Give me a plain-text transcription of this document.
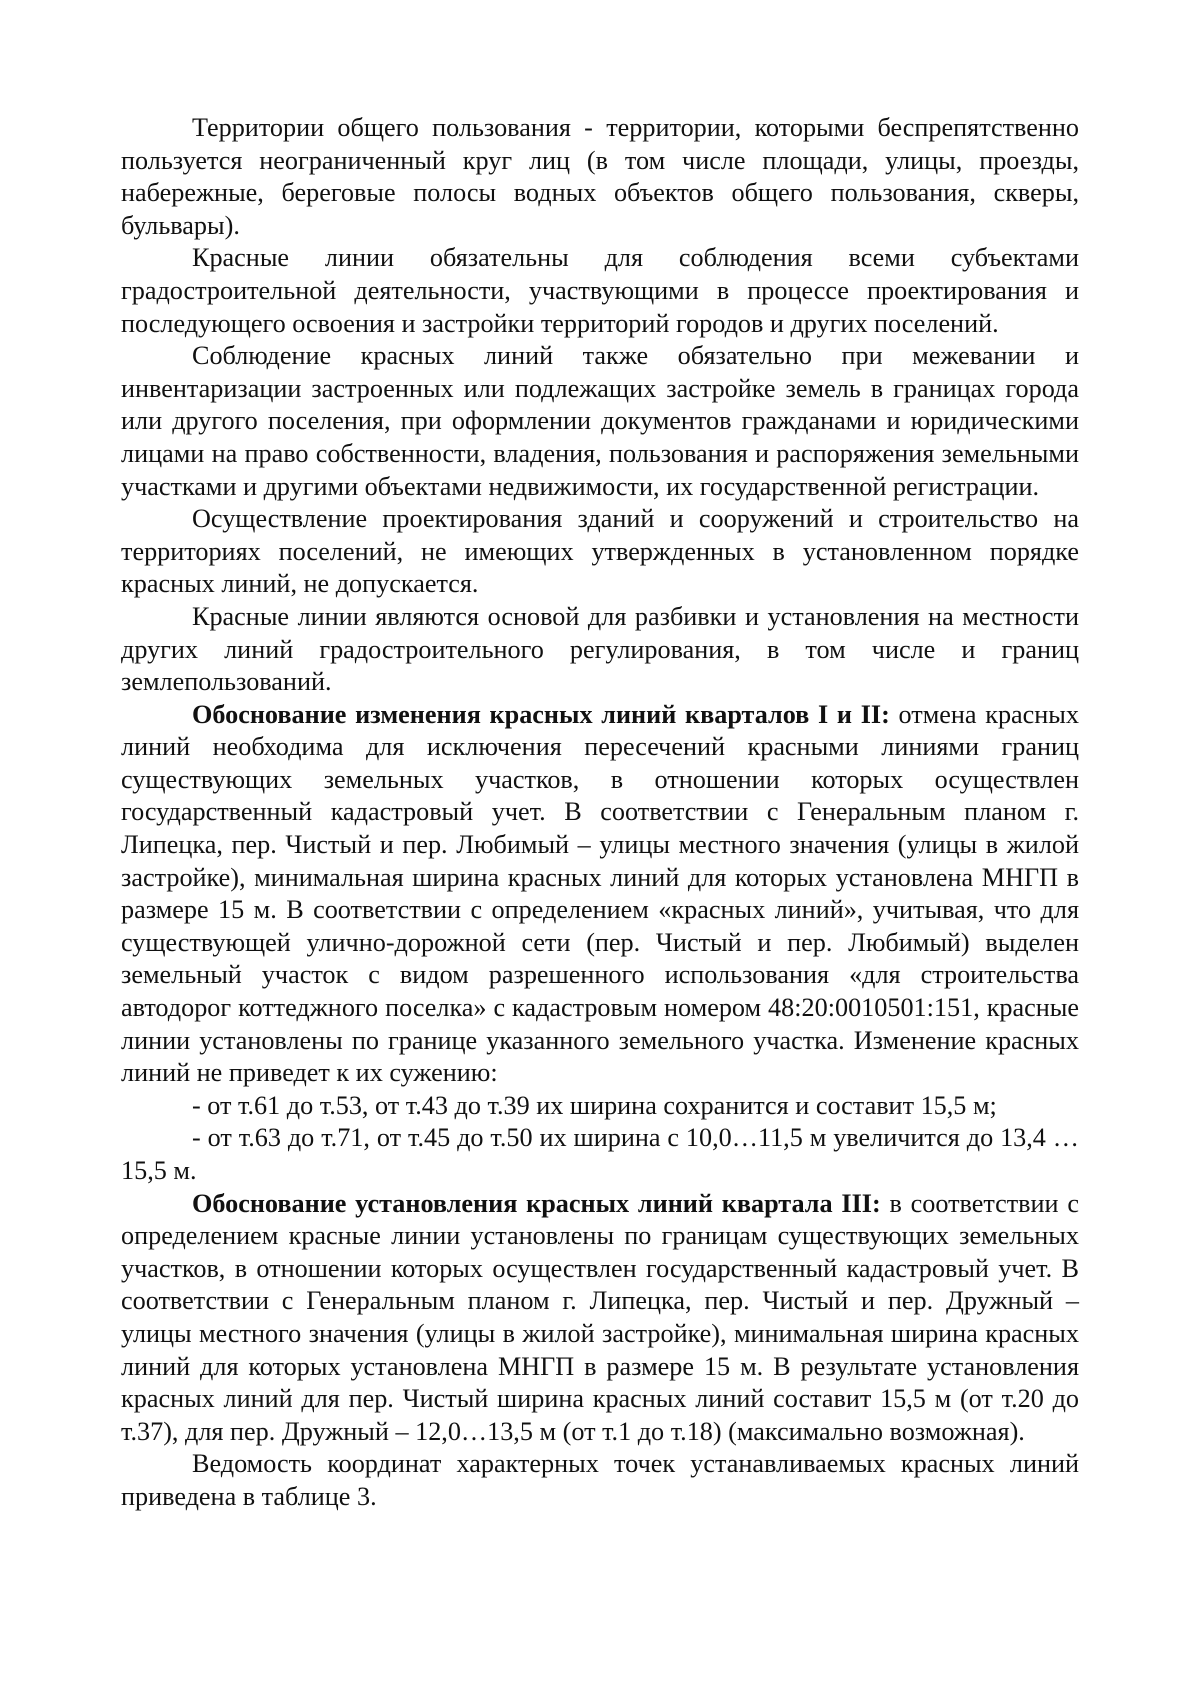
Территории общего пользования - территории, которыми беспрепятственно пользуется неограниченный круг лиц (в том числе площади, улицы, проезды, набережные, береговые полосы водных объектов общего пользования, скверы, бульвары).

Красные линии обязательны для соблюдения всеми субъектами градостроительной деятельности, участвующими в процессе проектирования и последующего освоения и застройки территорий городов и других поселений.

Соблюдение красных линий также обязательно при межевании и инвентаризации застроенных или подлежащих застройке земель в границах города или другого поселения, при оформлении документов гражданами и юридическими лицами на право собственности, владения, пользования и распоряжения земельными участками и другими объектами недвижимости, их государственной регистрации.

Осуществление проектирования зданий и сооружений и строительство на территориях поселений, не имеющих утвержденных в установленном порядке красных линий, не допускается.

Красные линии являются основой для разбивки и установления на местности других линий градостроительного регулирования, в том числе и границ землепользований.

Обоснование изменения красных линий кварталов I и II: отмена красных линий необходима для исключения пересечений красными линиями границ существующих земельных участков, в отношении которых осуществлен государственный кадастровый учет. В соответствии с Генеральным планом г. Липецка, пер. Чистый и пер. Любимый – улицы местного значения (улицы в жилой застройке), минимальная ширина красных линий для которых установлена МНГП в размере 15 м. В соответствии с определением «красных линий», учитывая, что для существующей улично-дорожной сети (пер. Чистый и пер. Любимый) выделен земельный участок с видом разрешенного использования «для строительства автодорог коттеджного поселка» с кадастровым номером 48:20:0010501:151, красные линии установлены по границе указанного земельного участка. Изменение красных линий не приведет к их сужению:

- от т.61 до т.53, от т.43 до т.39 их ширина сохранится и составит 15,5 м;

- от т.63 до т.71, от т.45 до т.50 их ширина с 10,0…11,5 м увеличится до 13,4 … 15,5 м.

Обоснование установления красных линий квартала III: в соответствии с определением красные линии установлены по границам существующих земельных участков, в отношении которых осуществлен государственный кадастровый учет. В соответствии с Генеральным планом г. Липецка, пер. Чистый и пер. Дружный – улицы местного значения (улицы в жилой застройке), минимальная ширина красных линий для которых установлена МНГП в размере 15 м. В результате установления красных линий для пер. Чистый ширина красных линий составит 15,5 м (от т.20 до т.37), для пер. Дружный – 12,0…13,5 м (от т.1 до т.18) (максимально возможная).

Ведомость координат характерных точек устанавливаемых красных линий приведена в таблице 3.
